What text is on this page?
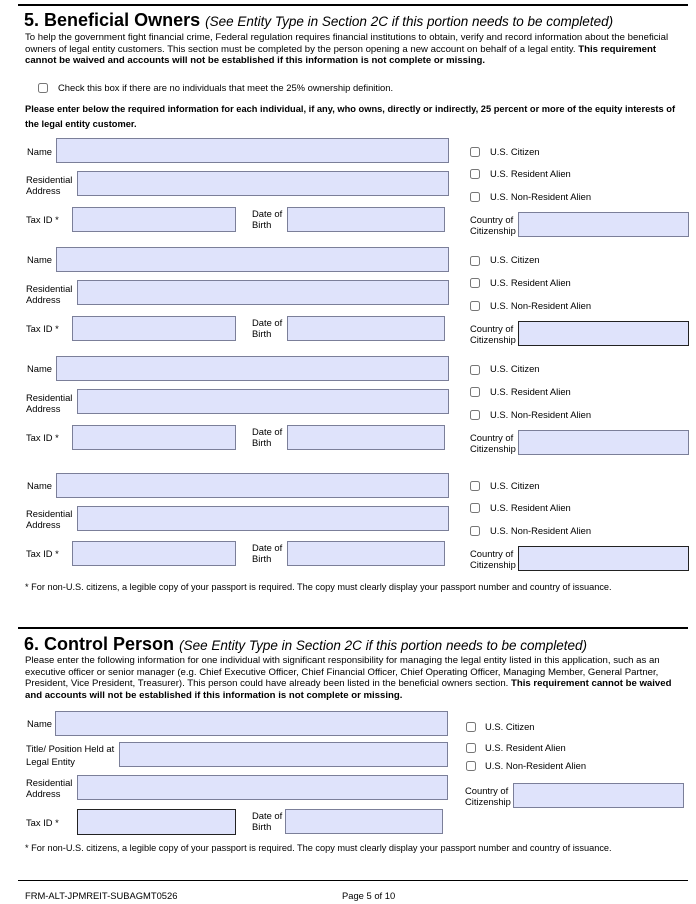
5. Beneficial Owners (See Entity Type in Section 2C if this portion needs to be completed)
To help the government fight financial crime, Federal regulation requires financial institutions to obtain, verify and record information about the beneficial owners of legal entity customers. This section must be completed by the person opening a new account on behalf of a legal entity. This requirement cannot be waived and accounts will not be established if this information is not complete or missing.
Check this box if there are no individuals that meet the 25% ownership definition.
Please enter below the required information for each individual, if any, who owns, directly or indirectly, 25 percent or more of the equity interests of the legal entity customer.
Name
Residential
Address
Tax ID *
Date of
Birth
U.S. Citizen
U.S. Resident Alien
U.S. Non-Resident Alien
Country of
Citizenship
Name
Residential
Address
Tax ID *
Date of
Birth
U.S. Citizen
U.S. Resident Alien
U.S. Non-Resident Alien
Country of
Citizenship
Name
Residential
Address
Tax ID *
Date of
Birth
U.S. Citizen
U.S. Resident Alien
U.S. Non-Resident Alien
Country of
Citizenship
Name
Residential
Address
Tax ID *
Date of
Birth
U.S. Citizen
U.S. Resident Alien
U.S. Non-Resident Alien
Country of
Citizenship
* For non-U.S. citizens, a legible copy of your passport is required. The copy must clearly display your passport number and country of issuance.
6. Control Person (See Entity Type in Section 2C if this portion needs to be completed)
Please enter the following information for one individual with significant responsibility for managing the legal entity listed in this application, such as an executive officer or senior manager (e.g. Chief Executive Officer, Chief Financial Officer, Chief Operating Officer, Managing Member, General Partner, President, Vice President, Treasurer). This person could have already been listed in the beneficial owners section. This requirement cannot be waived and accounts will not be established if this information is not complete or missing.
Name
Title/ Position Held at
Legal Entity
Residential
Address
Tax ID *
Date of
Birth
U.S. Citizen
U.S. Resident Alien
U.S. Non-Resident Alien
Country of
Citizenship
* For non-U.S. citizens, a legible copy of your passport is required. The copy must clearly display your passport number and country of issuance.
FRM-ALT-JPMREIT-SUBAGMT0526	Page 5 of 10
